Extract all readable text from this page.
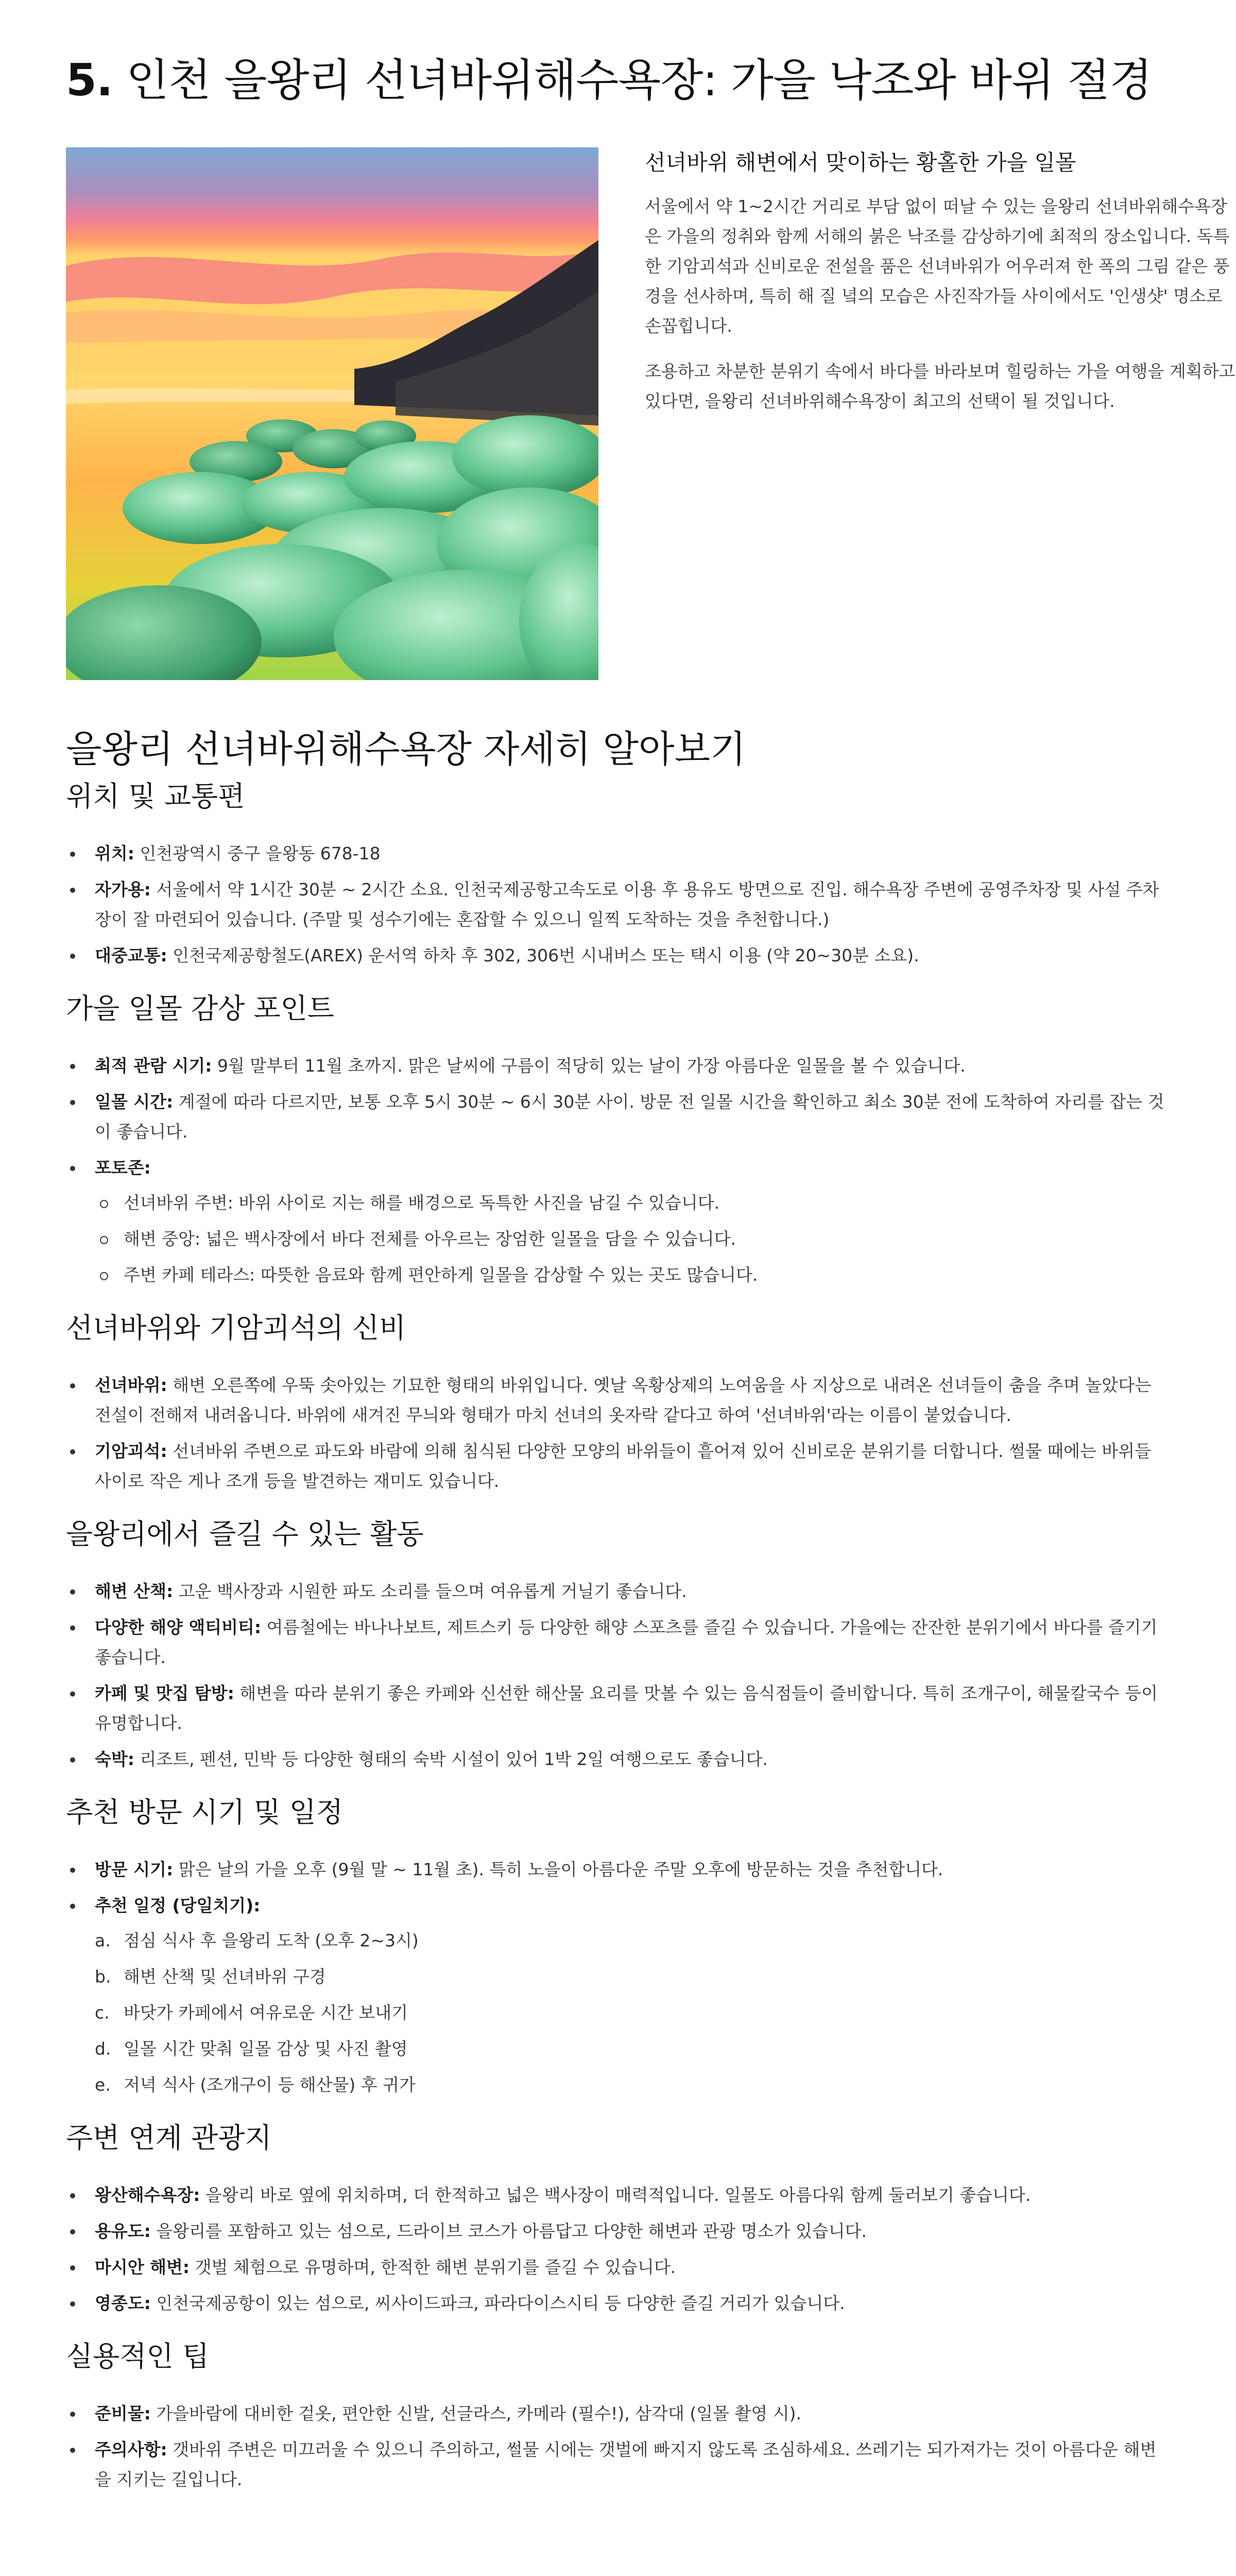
5. 인천 을왕리 선녀바위해수욕장: 가을 낙조와 바위 절경
선녀바위 해변에서 맞이하는 황홀한 가을 일몰

서울에서 약 1~2시간 거리로 부담 없이 떠날 수 있는 을왕리 선녀바위해수욕장은 가을의 정취와 함께 서해의 붉은 낙조를 감상하기에 최적의 장소입니다. 독특한 기암괴석과 신비로운 전설을 품은 선녀바위가 어우러져 한 폭의 그림 같은 풍경을 선사하며, 특히 해 질 녘의 모습은 사진작가들 사이에서도 '인생샷' 명소로 손꼽힙니다.

조용하고 차분한 분위기 속에서 바다를 바라보며 힐링하는 가을 여행을 계획하고 있다면, 을왕리 선녀바위해수욕장이 최고의 선택이 될 것입니다.

을왕리 선녀바위해수욕장 자세히 알아보기
위치 및 교통편
위치: 인천광역시 중구 을왕동 678-18
자가용: 서울에서 약 1시간 30분 ~ 2시간 소요. 인천국제공항고속도로 이용 후 용유도 방면으로 진입. 해수욕장 주변에 공영주차장 및 사설 주차장이 잘 마련되어 있습니다. (주말 및 성수기에는 혼잡할 수 있으니 일찍 도착하는 것을 추천합니다.)
대중교통: 인천국제공항철도(AREX) 운서역 하차 후 302, 306번 시내버스 또는 택시 이용 (약 20~30분 소요).
가을 일몰 감상 포인트
최적 관람 시기: 9월 말부터 11월 초까지. 맑은 날씨에 구름이 적당히 있는 날이 가장 아름다운 일몰을 볼 수 있습니다.
일몰 시간: 계절에 따라 다르지만, 보통 오후 5시 30분 ~ 6시 30분 사이. 방문 전 일몰 시간을 확인하고 최소 30분 전에 도착하여 자리를 잡는 것이 좋습니다.
포토존:
선녀바위 주변: 바위 사이로 지는 해를 배경으로 독특한 사진을 남길 수 있습니다.
해변 중앙: 넓은 백사장에서 바다 전체를 아우르는 장엄한 일몰을 담을 수 있습니다.
주변 카페 테라스: 따뜻한 음료와 함께 편안하게 일몰을 감상할 수 있는 곳도 많습니다.
선녀바위와 기암괴석의 신비
선녀바위: 해변 오른쪽에 우뚝 솟아있는 기묘한 형태의 바위입니다. 옛날 옥황상제의 노여움을 사 지상으로 내려온 선녀들이 춤을 추며 놀았다는 전설이 전해져 내려옵니다. 바위에 새겨진 무늬와 형태가 마치 선녀의 옷자락 같다고 하여 '선녀바위'라는 이름이 붙었습니다.
기암괴석: 선녀바위 주변으로 파도와 바람에 의해 침식된 다양한 모양의 바위들이 흩어져 있어 신비로운 분위기를 더합니다. 썰물 때에는 바위들 사이로 작은 게나 조개 등을 발견하는 재미도 있습니다.
을왕리에서 즐길 수 있는 활동
해변 산책: 고운 백사장과 시원한 파도 소리를 들으며 여유롭게 거닐기 좋습니다.
다양한 해양 액티비티: 여름철에는 바나나보트, 제트스키 등 다양한 해양 스포츠를 즐길 수 있습니다. 가을에는 잔잔한 분위기에서 바다를 즐기기 좋습니다.
카페 및 맛집 탐방: 해변을 따라 분위기 좋은 카페와 신선한 해산물 요리를 맛볼 수 있는 음식점들이 즐비합니다. 특히 조개구이, 해물칼국수 등이 유명합니다.
숙박: 리조트, 펜션, 민박 등 다양한 형태의 숙박 시설이 있어 1박 2일 여행으로도 좋습니다.
추천 방문 시기 및 일정
방문 시기: 맑은 날의 가을 오후 (9월 말 ~ 11월 초). 특히 노을이 아름다운 주말 오후에 방문하는 것을 추천합니다.
추천 일정 (당일치기):
a. 점심 식사 후 을왕리 도착 (오후 2~3시)
b. 해변 산책 및 선녀바위 구경
c. 바닷가 카페에서 여유로운 시간 보내기
d. 일몰 시간 맞춰 일몰 감상 및 사진 촬영
e. 저녁 식사 (조개구이 등 해산물) 후 귀가
주변 연계 관광지
왕산해수욕장: 을왕리 바로 옆에 위치하며, 더 한적하고 넓은 백사장이 매력적입니다. 일몰도 아름다워 함께 둘러보기 좋습니다.
용유도: 을왕리를 포함하고 있는 섬으로, 드라이브 코스가 아름답고 다양한 해변과 관광 명소가 있습니다.
마시안 해변: 갯벌 체험으로 유명하며, 한적한 해변 분위기를 즐길 수 있습니다.
영종도: 인천국제공항이 있는 섬으로, 씨사이드파크, 파라다이스시티 등 다양한 즐길 거리가 있습니다.
실용적인 팁
준비물: 가을바람에 대비한 겉옷, 편안한 신발, 선글라스, 카메라 (필수!), 삼각대 (일몰 촬영 시).
주의사항: 갯바위 주변은 미끄러울 수 있으니 주의하고, 썰물 시에는 갯벌에 빠지지 않도록 조심하세요. 쓰레기는 되가져가는 것이 아름다운 해변을 지키는 길입니다.
